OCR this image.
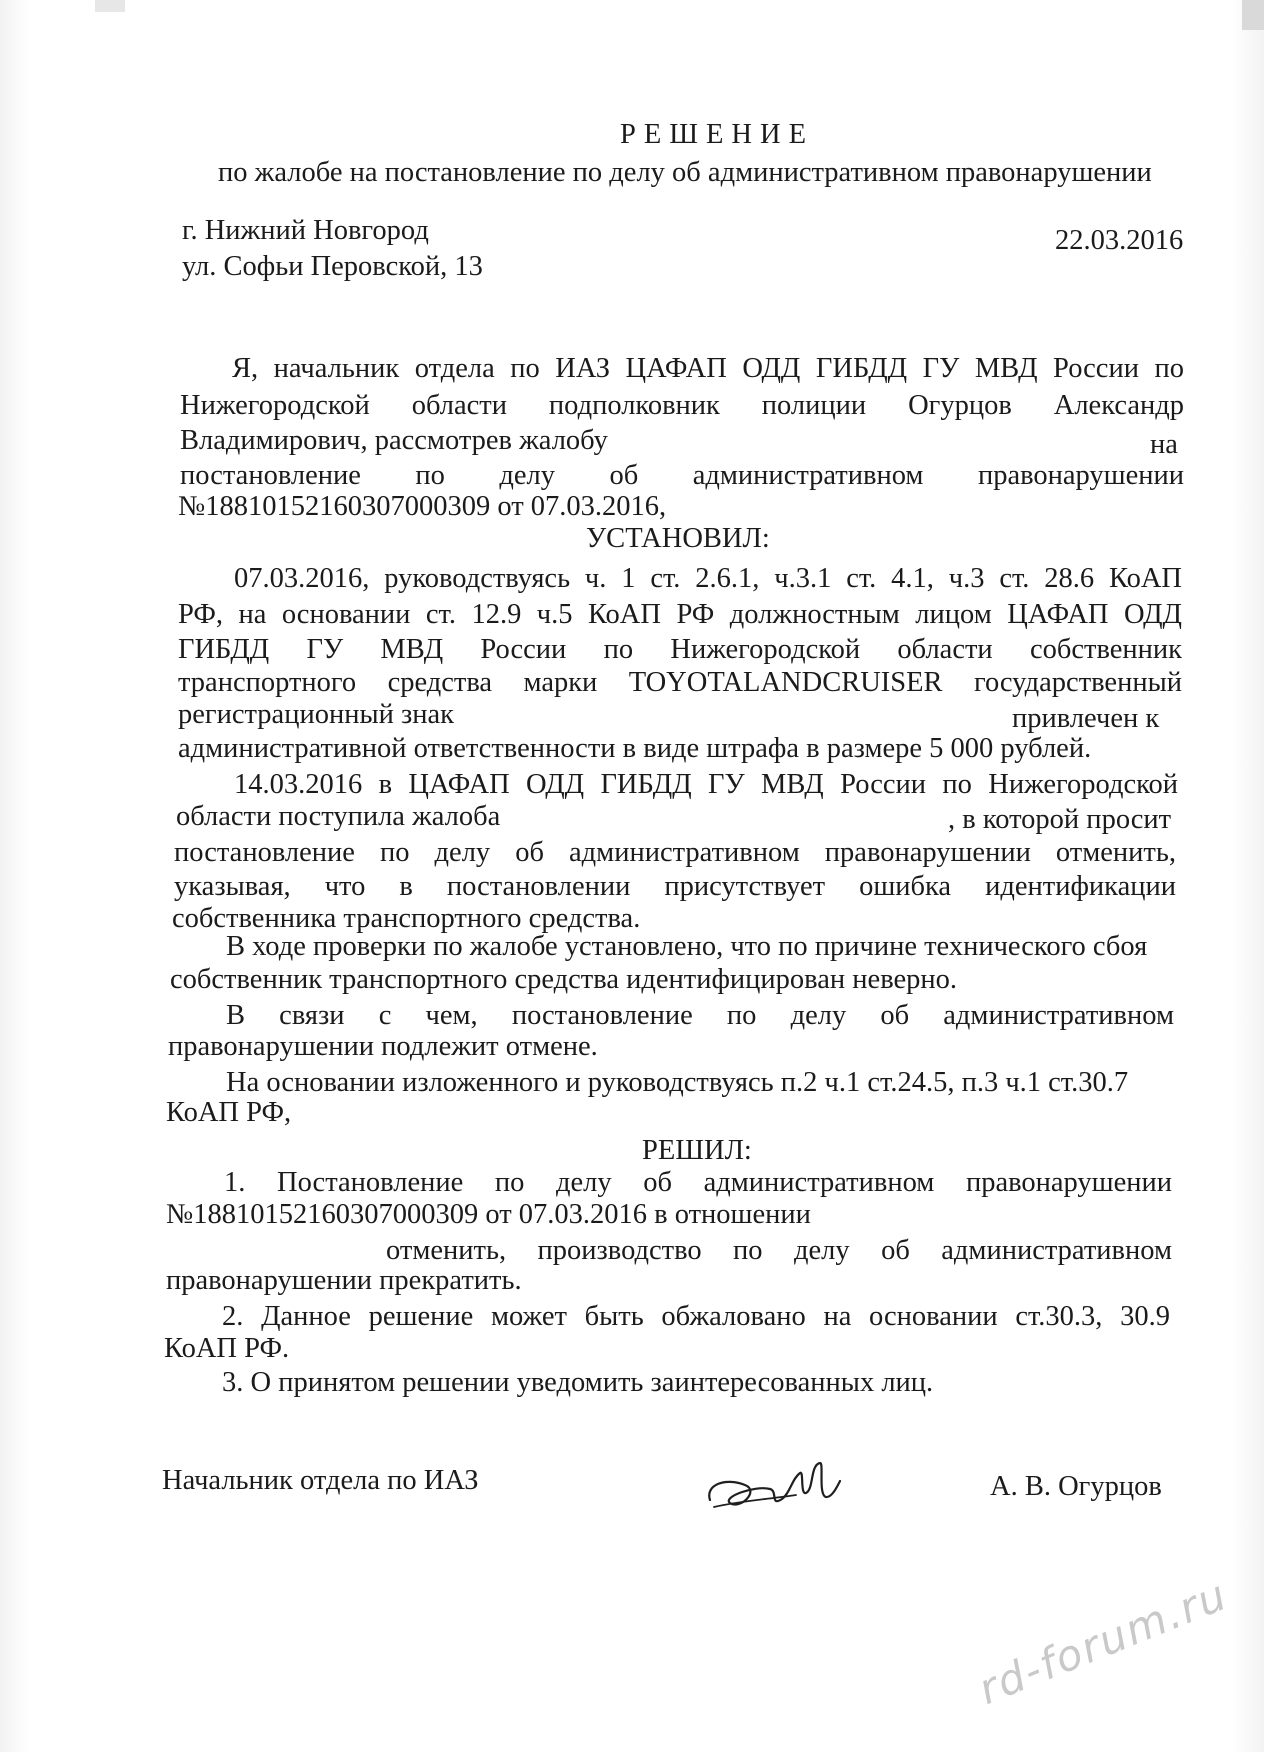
РЕШЕНИЕ
по жалобе на постановление по делу об административном правонарушении
г. Нижний Новгород
ул. Софьи Перовской, 13
22.03.2016
Я, начальник отдела по ИАЗ ЦАФАП ОДД ГИБДД ГУ МВД России по
Нижегородской области подполковник полиции Огурцов Александр
Владимирович, рассмотрев жалобу	на
постановление по делу об административном правонарушении
№18810152160307000309 от 07.03.2016,
УСТАНОВИЛ:
07.03.2016, руководствуясь ч. 1 ст. 2.6.1, ч.3.1 ст. 4.1, ч.3 ст. 28.6 КоАП
РФ, на основании ст. 12.9 ч.5 КоАП РФ должностным лицом ЦАФАП ОДД
ГИБДД ГУ МВД России по Нижегородской области собственник
транспортного средства марки TOYOTALANDCRUISER государственный
регистрационный знак	привлечен к
административной ответственности в виде штрафа в размере 5 000 рублей.
14.03.2016 в ЦАФАП ОДД ГИБДД ГУ МВД России по Нижегородской
области поступила жалоба	, в которой просит
постановление по делу об административном правонарушении отменить,
указывая, что в постановлении присутствует ошибка идентификации
собственника транспортного средства.
В ходе проверки по жалобе установлено, что по причине технического сбоя
собственник транспортного средства идентифицирован неверно.
В связи с чем, постановление по делу об административном
правонарушении подлежит отмене.
На основании изложенного и руководствуясь п.2 ч.1 ст.24.5, п.3 ч.1 ст.30.7
КоАП РФ,
РЕШИЛ:
1. Постановление по делу об административном правонарушении
№18810152160307000309 от 07.03.2016 в отношении
отменить, производство по делу об административном
правонарушении прекратить.
2. Данное решение может быть обжаловано на основании ст.30.3, 30.9
КоАП РФ.
3. О принятом решении уведомить заинтересованных лиц.
Начальник отдела по ИАЗ	А. В. Огурцов
rd-forum.ru
